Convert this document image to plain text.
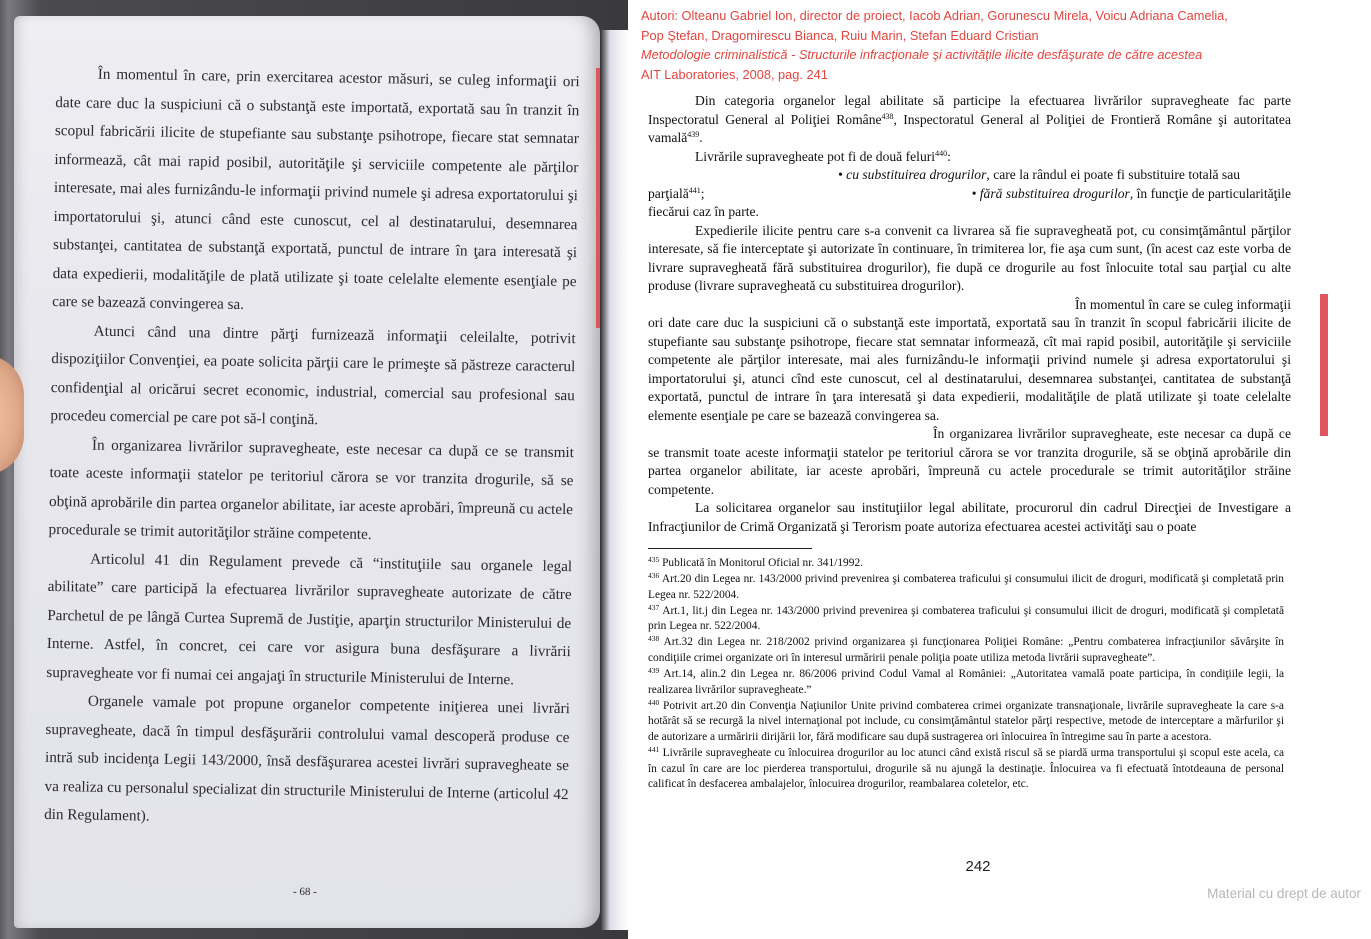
În momentul în care, prin exercitarea acestor măsuri, se culeg informaţii ori date care duc la suspiciuni că o substanţă este importată, exportată sau în tranzit în scopul fabricării ilicite de stupefiante sau substanţe psihotrope, fiecare stat semnatar informează, cât mai rapid posibil, autorităţile şi serviciile competente ale părţilor interesate, mai ales furnizându-le informaţii privind numele şi adresa exportatorului şi importatorului şi, atunci când este cunoscut, cel al destinatarului, desemnarea substanţei, cantitatea de substanţă exportată, punctul de intrare în ţara interesată şi data expedierii, modalităţile de plată utilizate şi toate celelalte elemente esenţiale pe care se bazează convingerea sa.

Atunci când una dintre părţi furnizează informaţii celeilalte, potrivit dispoziţiilor Convenţiei, ea poate solicita părţii care le primeşte să păstreze caracterul confidenţial al oricărui secret economic, industrial, comercial sau profesional sau procedeu comercial pe care pot să-l conţină.

În organizarea livrărilor supravegheate, este necesar ca după ce se transmit toate aceste informaţii statelor pe teritoriul cărora se vor tranzita drogurile, să se obţină aprobările din partea organelor abilitate, iar aceste aprobări, împreună cu actele procedurale se trimit autorităţilor străine competente.

Articolul 41 din Regulament prevede că “instituţiile sau organele legal abilitate” care participă la efectuarea livrărilor supravegheate autorizate de către Parchetul de pe lângă Curtea Supremă de Justiţie, aparţin structurilor Ministerului de Interne. Astfel, în concret, cei care vor asigura buna desfăşurare a livrării supravegheate vor fi numai cei angajaţi în structurile Ministerului de Interne.

Organele vamale pot propune organelor competente iniţierea unei livrări supravegheate, dacă în timpul desfăşurării controlului vamal descoperă produse ce intră sub incidenţa Legii 143/2000, însă desfăşurarea acestei livrări supravegheate se va realiza cu personalul specializat din structurile Ministerului de Interne (articolul 42 din Regulament).

- 68 -

Autori: Olteanu Gabriel Ion, director de proiect, Iacob Adrian, Gorunescu Mirela, Voicu Adriana Camelia,
Pop Ştefan, Dragomirescu Bianca, Ruiu Marin, Stefan Eduard Cristian
Metodologie criminalistică - Structurile infracţionale şi activităţile ilicite desfăşurate de către acestea
AIT Laboratories, 2008, pag. 241

Din categoria organelor legal abilitate să participe la efectuarea livrărilor supravegheate fac parte Inspectoratul General al Poliţiei Române$^{438}$, Inspectoratul General al Poliţiei de Frontieră Române şi autoritatea vamală$^{439}$.

Livrările supravegheate pot fi de două feluri$^{440}$:

• cu substituirea drogurilor, care la rândul ei poate fi substituire totală sau

parţială$^{441}$;	• fără substituirea drogurilor, în funcţie de particularităţile

fiecărui caz în parte.

Expedierile ilicite pentru care s-a convenit ca livrarea să fie supravegheată pot, cu consimţământul părţilor interesate, să fie interceptate şi autorizate în continuare, în trimiterea lor, fie aşa cum sunt, (în acest caz este vorba de livrare supravegheată fără substituirea drogurilor), fie după ce drogurile au fost înlocuite total sau parţial cu alte produse (livrare supravegheată cu substituirea drogurilor).

În momentul în care se culeg informaţii ori date care duc la suspiciuni că o substanţă este importată, exportată sau în tranzit în scopul fabricării ilicite de stupefiante sau substanţe psihotrope, fiecare stat semnatar informează, cît mai rapid posibil, autorităţile şi serviciile competente ale părţilor interesate, mai ales furnizându-le informaţii privind numele şi adresa exportatorului şi importatorului şi, atunci cînd este cunoscut, cel al destinatarului, desemnarea substanţei, cantitatea de substanţă exportată, punctul de intrare în ţara interesată şi data expedierii, modalităţile de plată utilizate şi toate celelalte elemente esenţiale pe care se bazează convingerea sa.

În organizarea livrărilor supravegheate, este necesar ca după ce se transmit toate aceste informaţii statelor pe teritoriul cărora se vor tranzita drogurile, să se obţină aprobările din partea organelor abilitate, iar aceste aprobări, împreună cu actele procedurale se trimit autorităţilor străine competente.

La solicitarea organelor sau instituţiilor legal abilitate, procurorul din cadrul Direcţiei de Investigare a Infracţiunilor de Crimă Organizată şi Terorism poate autoriza efectuarea acestei activităţi sau o poate

$^{435}$ Publicată în Monitorul Oficial nr. 341/1992.

$^{436}$ Art.20 din Legea nr. 143/2000 privind prevenirea şi combaterea traficului şi consumului ilicit de droguri, modificată şi completată prin Legea nr. 522/2004.

$^{437}$ Art.1, lit.j din Legea nr. 143/2000 privind prevenirea şi combaterea traficului şi consumului ilicit de droguri, modificată şi completată prin Legea nr. 522/2004.

$^{438}$ Art.32 din Legea nr. 218/2002 privind organizarea şi funcţionarea Poliţiei Române: „Pentru combaterea infracţiunilor săvârşite în condiţiile crimei organizate ori în interesul urmăririi penale poliţia poate utiliza metoda livrării supravegheate”.

$^{439}$ Art.14, alin.2 din Legea nr. 86/2006 privind Codul Vamal al României: „Autoritatea vamală poate participa, în condiţiile legii, la realizarea livrărilor supravegheate.”

$^{440}$ Potrivit art.20 din Convenţia Naţiunilor Unite privind combaterea crimei organizate transnaţionale, livrările supravegheate la care s-a hotărât să se recurgă la nivel internaţional pot include, cu consimţământul statelor părţi respective, metode de interceptare a mărfurilor şi de autorizare a urmăririi dirijării lor, fără modificare sau după sustragerea ori înlocuirea în întregime sau în parte a acestora.

$^{441}$ Livrările supravegheate cu înlocuirea drogurilor au loc atunci când există riscul să se piardă urma transportului şi scopul este acela, ca în cazul în care are loc pierderea transportului, drogurile să nu ajungă la destinaţie. Înlocuirea va fi efectuată întotdeauna de personal calificat în desfacerea ambalajelor, înlocuirea drogurilor, reambalarea coletelor, etc.

242
Material cu drept de autor
